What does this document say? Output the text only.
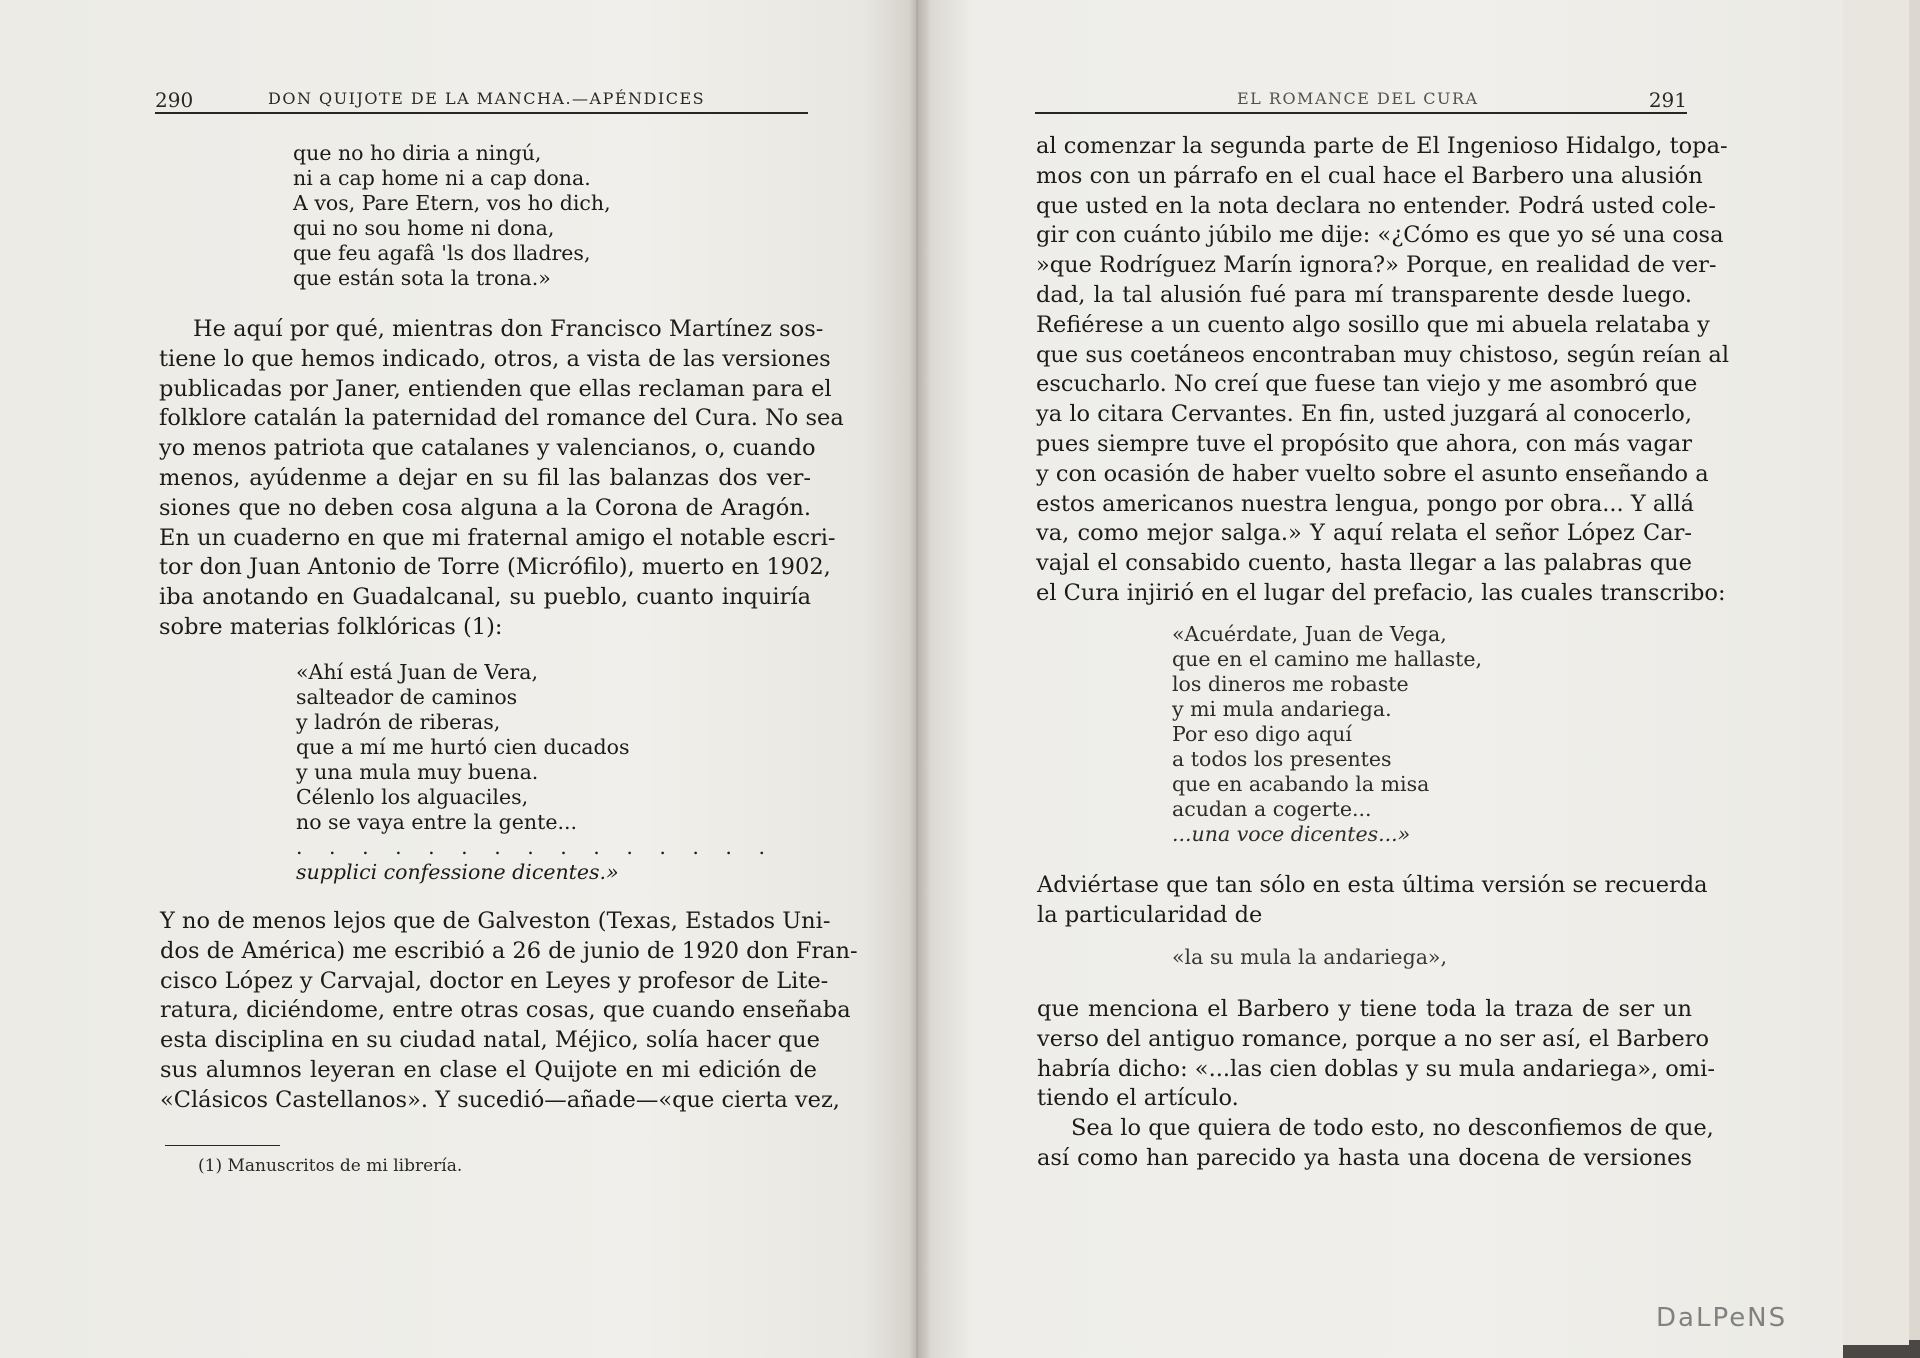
290	DON QUIJOTE DE LA MANCHA.—APÉNDICES
que no ho diria a ningú,
ni a cap home ni a cap dona.
A vos, Pare Etern, vos ho dich,
qui no sou home ni dona,
que feu agafâ 'ls dos lladres,
que están sota la trona.»
He aquí por qué, mientras don Francisco Martínez sos-
tiene lo que hemos indicado, otros, a vista de las versiones
publicadas por Janer, entienden que ellas reclaman para el
folklore catalán la paternidad del romance del Cura. No sea
yo menos patriota que catalanes y valencianos, o, cuando
menos, ayúdenme a dejar en su fil las balanzas dos ver-
siones que no deben cosa alguna a la Corona de Aragón.
En un cuaderno en que mi fraternal amigo el notable escri-
tor don Juan Antonio de Torre (Micrófilo), muerto en 1902,
iba anotando en Guadalcanal, su pueblo, cuanto inquiría
sobre materias folklóricas (1):
«Ahí está Juan de Vera,
salteador de caminos
y ladrón de riberas,
que a mí me hurtó cien ducados
y una mula muy buena.
Célenlo los alguaciles,
no se vaya entre la gente...
. . . . . . . . . . . . . . .
supplici confessione dicentes.»
Y no de menos lejos que de Galveston (Texas, Estados Uni-
dos de América) me escribió a 26 de junio de 1920 don Fran-
cisco López y Carvajal, doctor en Leyes y profesor de Lite-
ratura, diciéndome, entre otras cosas, que cuando enseñaba
esta disciplina en su ciudad natal, Méjico, solía hacer que
sus alumnos leyeran en clase el Quijote en mi edición de
«Clásicos Castellanos». Y sucedió—añade—«que cierta vez,
(1) Manuscritos de mi librería.
EL ROMANCE DEL CURA	291
al comenzar la segunda parte de El Ingenioso Hidalgo, topa-
mos con un párrafo en el cual hace el Barbero una alusión
que usted en la nota declara no entender. Podrá usted cole-
gir con cuánto júbilo me dije: «¿Cómo es que yo sé una cosa
»que Rodríguez Marín ignora?» Porque, en realidad de ver-
dad, la tal alusión fué para mí transparente desde luego.
Refiérese a un cuento algo sosillo que mi abuela relataba y
que sus coetáneos encontraban muy chistoso, según reían al
escucharlo. No creí que fuese tan viejo y me asombró que
ya lo citara Cervantes. En fin, usted juzgará al conocerlo,
pues siempre tuve el propósito que ahora, con más vagar
y con ocasión de haber vuelto sobre el asunto enseñando a
estos americanos nuestra lengua, pongo por obra... Y allá
va, como mejor salga.» Y aquí relata el señor López Car-
vajal el consabido cuento, hasta llegar a las palabras que
el Cura injirió en el lugar del prefacio, las cuales transcribo:
«Acuérdate, Juan de Vega,
que en el camino me hallaste,
los dineros me robaste
y mi mula andariega.
Por eso digo aquí
a todos los presentes
que en acabando la misa
acudan a cogerte...
...una voce dicentes...»
Adviértase que tan sólo en esta última versión se recuerda
la particularidad de
«la su mula la andariega»,
que menciona el Barbero y tiene toda la traza de ser un
verso del antiguo romance, porque a no ser así, el Barbero
habría dicho: «...las cien doblas y su mula andariega», omi-
tiendo el artículo.
Sea lo que quiera de todo esto, no desconfiemos de que,
así como han parecido ya hasta una docena de versiones
DaLPeNS
